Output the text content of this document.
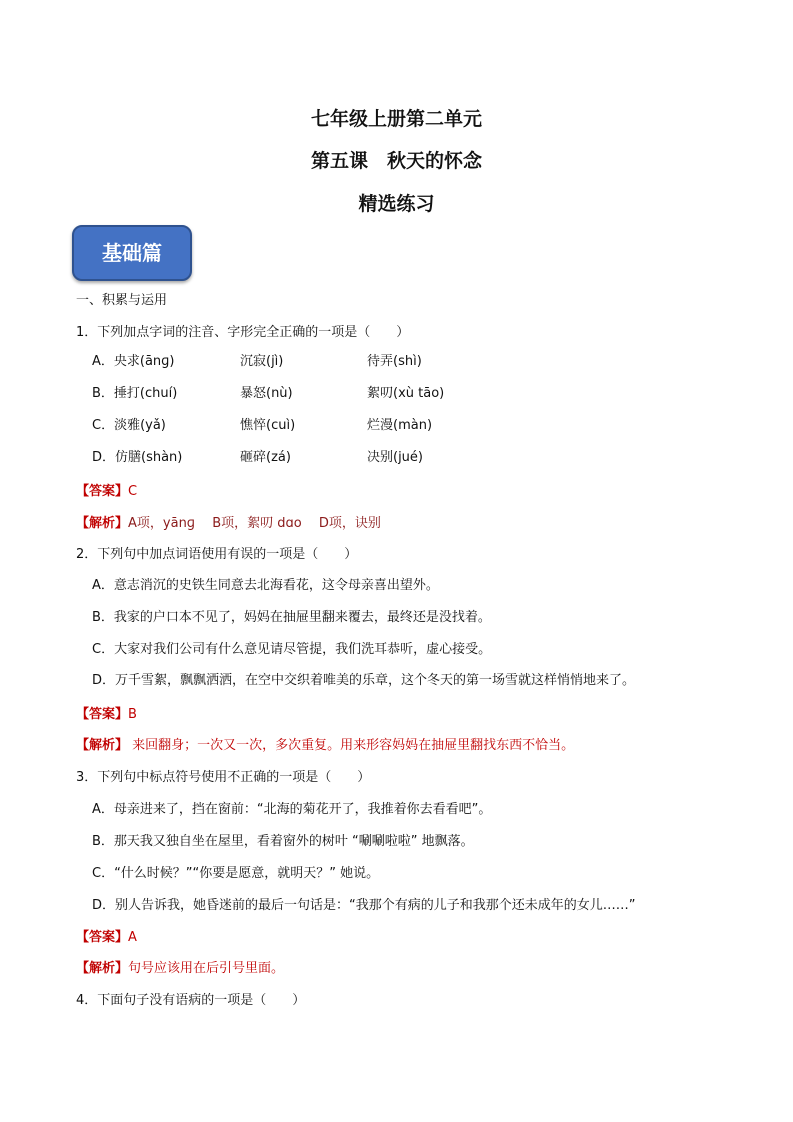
七年级上册第二单元
第五课　秋天的怀念
精选练习
基础篇
一、积累与运用
1．下列加点字词的注音、字形完全正确的一项是（　　）
A．央求(ānɡ)	沉寂(jì)	待弄(shì)
B．捶打(chuí)	暴怒(nù)	絮叨(xù tāo)
C．淡雅(yǎ)	憔悴(cuì)	烂漫(màn)
D．仿膳(shàn)	砸碎(zá)	决别(jué)
【答案】C
【解析】A项，yānɡ　 B项，絮叨 dɑo　 D项，诀别
2．下列句中加点词语使用有误的一项是（　　）
A．意志消沉的史铁生同意去北海看花，这令母亲喜出望外。
B．我家的户口本不见了，妈妈在抽屉里翻来覆去，最终还是没找着。
C．大家对我们公司有什么意见请尽管提，我们洗耳恭听，虚心接受。
D．万千雪絮，飘飘洒洒，在空中交织着唯美的乐章，这个冬天的第一场雪就这样悄悄地来了。
【答案】B
【解析】 来回翻身；一次又一次，多次重复。用来形容妈妈在抽屉里翻找东西不恰当。
3．下列句中标点符号使用不正确的一项是（　　）
A．母亲进来了，挡在窗前：“北海的菊花开了，我推着你去看看吧”。
B．那天我又独自坐在屋里，看着窗外的树叶 “唰唰啦啦” 地飘落。
C．“什么时候？”“你要是愿意，就明天？” 她说。
D．别人告诉我，她昏迷前的最后一句话是：“我那个有病的儿子和我那个还未成年的女儿……”
【答案】A
【解析】句号应该用在后引号里面。
4．下面句子没有语病的一项是（　　）
